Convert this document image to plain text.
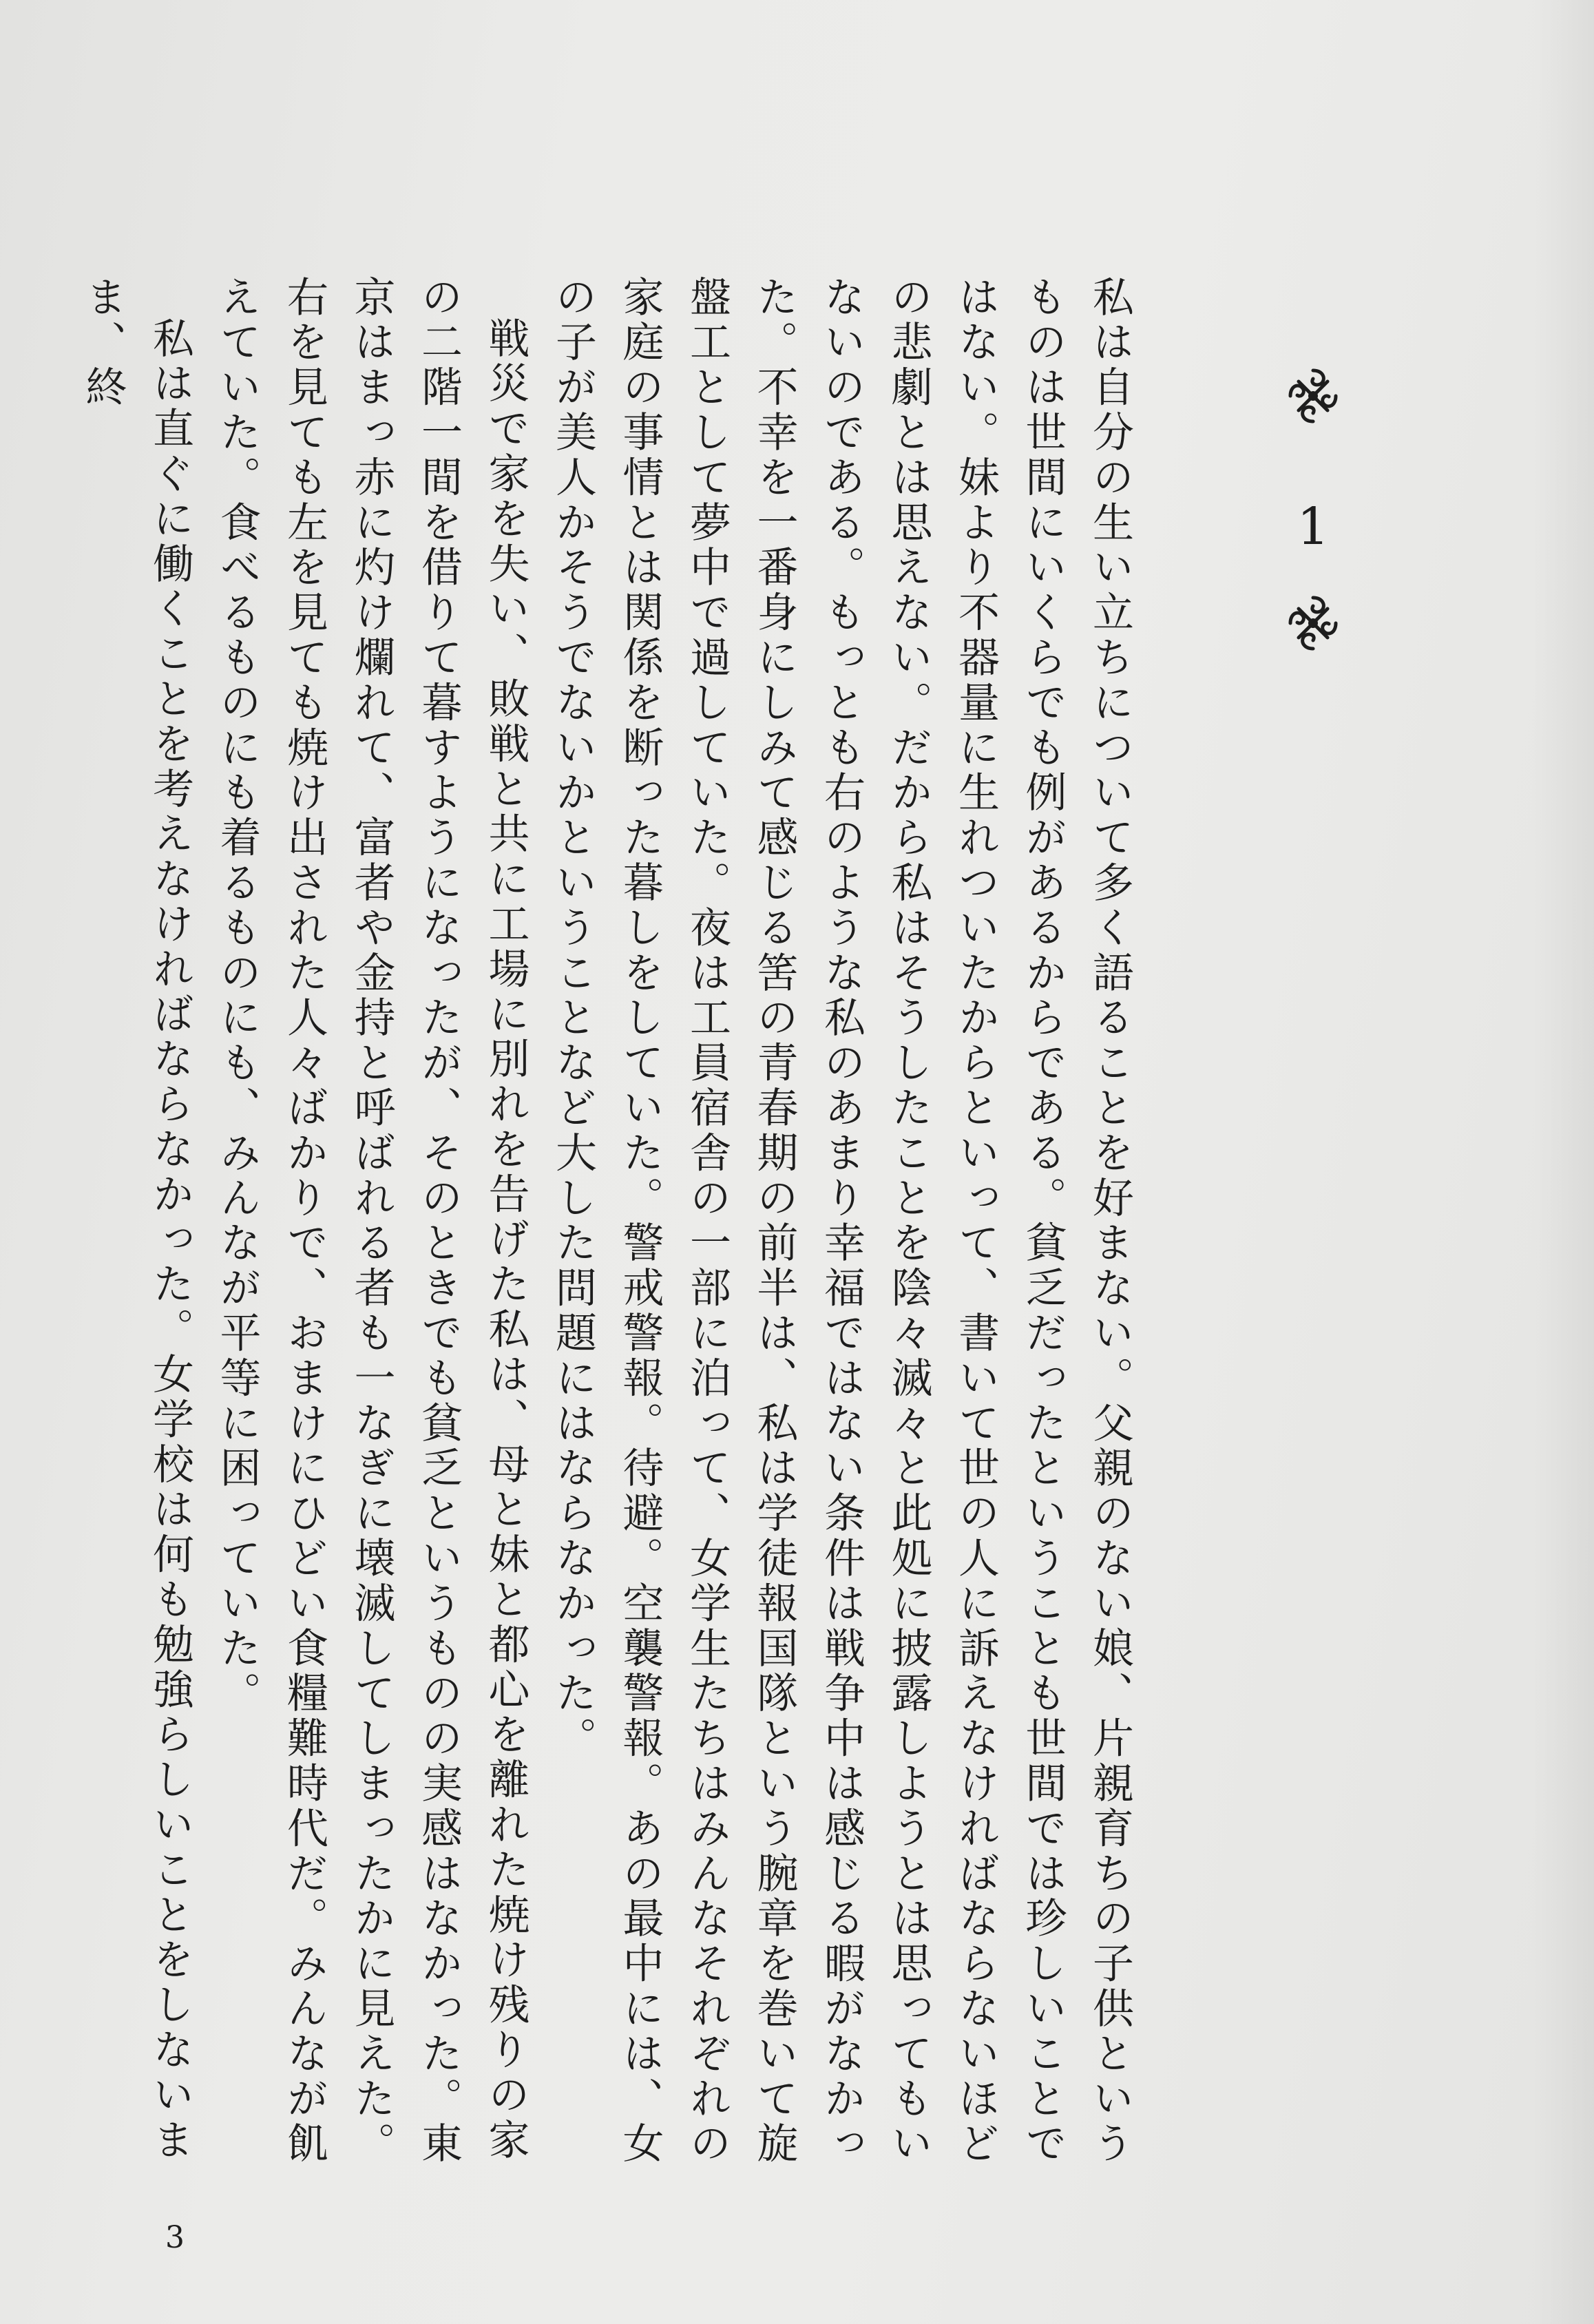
1

私は自分の生い立ちについて多く語ることを好まない。父親のない娘、片親育ちの子供というものは世間にいくらでも例があるからである。貧乏だったということも世間では珍しいことではない。妹より不器量に生れついたからといって、書いて世の人に訴えなければならないほどの悲劇とは思えない。だから私はそうしたことを陰々滅々と此処に披露しようとは思ってもいないのである。もっとも右のような私のあまり幸福ではない条件は戦争中は感じる暇がなかった。不幸を一番身にしみて感じる筈の青春期の前半は、私は学徒報国隊という腕章を巻いて旋盤工として夢中で過していた。夜は工員宿舎の一部に泊って、女学生たちはみんなそれぞれの家庭の事情とは関係を断った暮しをしていた。警戒警報。待避。空襲警報。あの最中には、女の子が美人かそうでないかということなど大した問題にはならなかった。

戦災で家を失い、敗戦と共に工場に別れを告げた私は、母と妹と都心を離れた焼け残りの家の二階一間を借りて暮すようになったが、そのときでも貧乏というものの実感はなかった。東京はまっ赤に灼け爛れて、富者や金持と呼ばれる者も一なぎに壊滅してしまったかに見えた。右を見ても左を見ても焼け出された人々ばかりで、おまけにひどい食糧難時代だ。みんなが飢えていた。食べるものにも着るものにも、みんなが平等に困っていた。

私は直ぐに働くことを考えなければならなかった。女学校は何も勉強らしいことをしないまま、終

3
